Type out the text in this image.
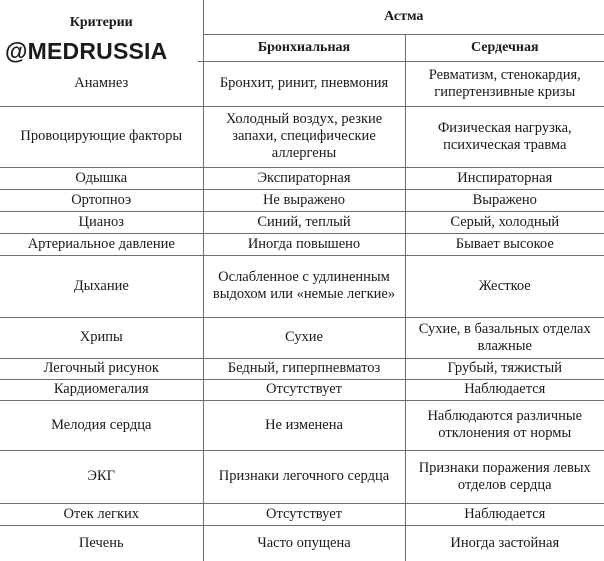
Критерии	Астма	
	Бронхиальная	Сердечная
Анамнез	Бронхит, ринит, пневмония	Ревматизм, стенокардия, гипертензивные кризы
Провоцирующие факторы	Холодный воздух, резкие запахи, специфические аллергены	Физическая нагрузка, психическая травма
Одышка	Экспираторная	Инспираторная
Ортопноэ	Не выражено	Выражено
Цианоз	Синий, теплый	Серый, холодный
Артериальное давление	Иногда повышено	Бывает высокое
Дыхание	Ослабленное с удлиненным выдохом или «немые легкие»	Жесткое
Хрипы	Сухие	Сухие, в базальных отделах влажные
Легочный рисунок	Бедный, гиперпневматоз	Грубый, тяжистый
Кардиомегалия	Отсутствует	Наблюдается
Мелодия сердца	Не изменена	Наблюдаются различные отклонения от нормы
ЭКГ	Признаки легочного сердца	Признаки поражения левых отделов сердца
Отек легких	Отсутствует	Наблюдается
Печень	Часто опущена	Иногда застойная
@MEDRUSSIA
